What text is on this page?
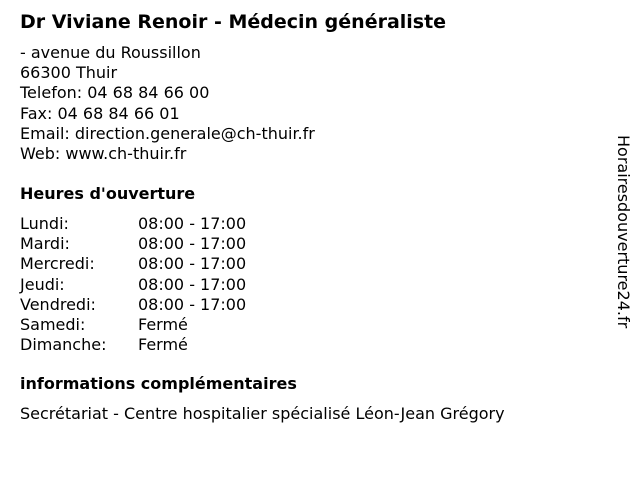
Dr Viviane Renoir - Médecin généraliste
- avenue du Roussillon
66300 Thuir
Telefon: 04 68 84 66 00
Fax: 04 68 84 66 01
Email: direction.generale@ch-thuir.fr
Web: www.ch-thuir.fr
Heures d'ouverture
Lundi:	08:00 - 17:00
Mardi:	08:00 - 17:00
Mercredi:	08:00 - 17:00
Jeudi:	08:00 - 17:00
Vendredi:	08:00 - 17:00
Samedi:	Fermé
Dimanche: Fermé
informations complémentaires
Secrétariat - Centre hospitalier spécialisé Léon-Jean Grégory
Horairesdouverture24.fr
